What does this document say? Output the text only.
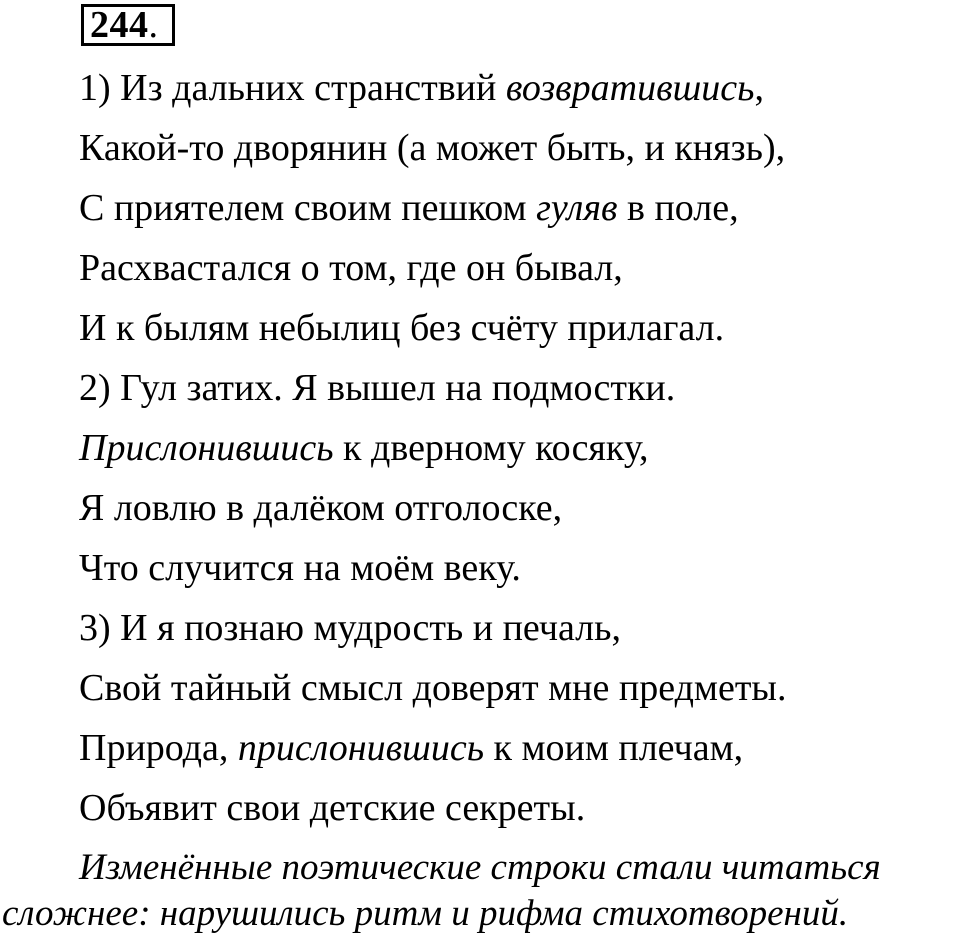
244.
1) Из дальних странствий возвратившись,
Какой-то дворянин (а может быть, и князь),
С приятелем своим пешком гуляв в поле,
Расхвастался о том, где он бывал,
И к былям небылиц без счёту прилагал.
2) Гул затих. Я вышел на подмостки.
Прислонившись к дверному косяку,
Я ловлю в далёком отголоске,
Что случится на моём веку.
3) И я познаю мудрость и печаль,
Свой тайный смысл доверят мне предметы.
Природа, прислонившись к моим плечам,
Объявит свои детские секреты.
Изменённые поэтические строки стали читаться
сложнее: нарушились ритм и рифма стихотворений.
